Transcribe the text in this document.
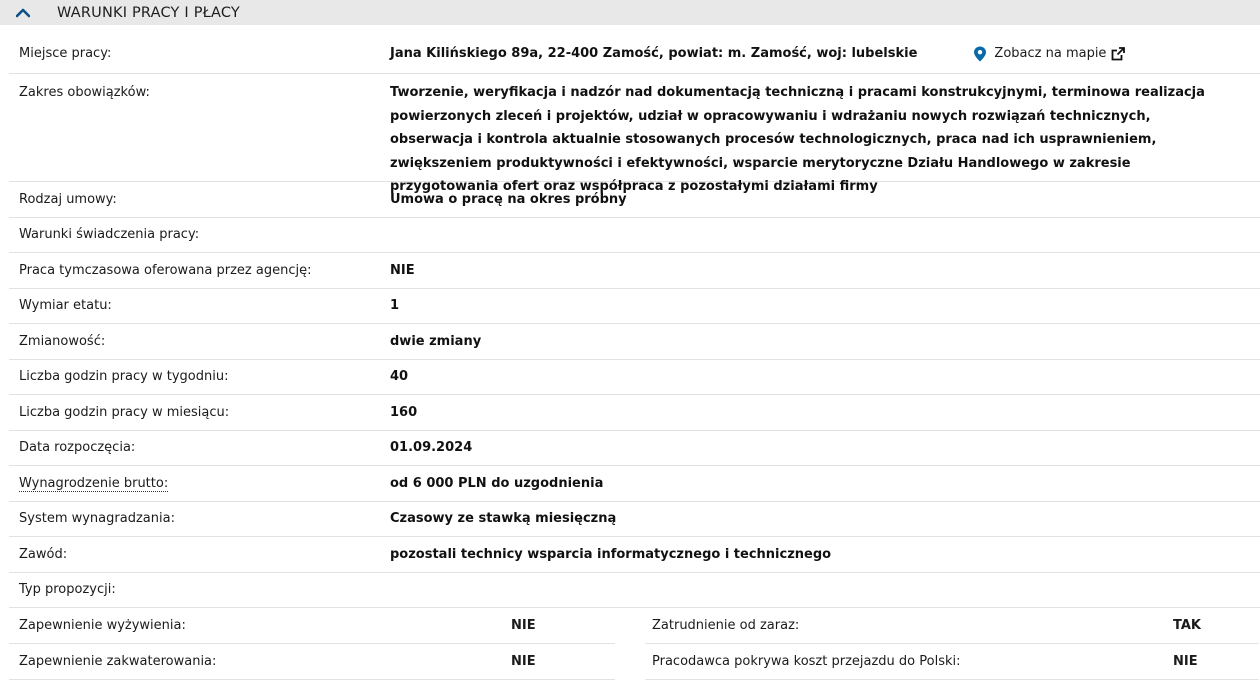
WARUNKI PRACY I PŁACY
Miejsce pracy:	Jana Kilińskiego 89a, 22-400 Zamość, powiat: m. Zamość, woj: lubelskie	Zobacz na mapie
Zakres obowiązków:	Tworzenie, weryfikacja i nadzór nad dokumentacją techniczną i pracami konstrukcyjnymi, terminowa realizacja powierzonych zleceń i projektów, udział w opracowywaniu i wdrażaniu nowych rozwiązań technicznych, obserwacja i kontrola aktualnie stosowanych procesów technologicznych, praca nad ich usprawnieniem, zwiększeniem produktywności i efektywności, wsparcie merytoryczne Działu Handlowego w zakresie przygotowania ofert oraz współpraca z pozostałymi działami firmy
Rodzaj umowy:	Umowa o pracę na okres próbny
Warunki świadczenia pracy:
Praca tymczasowa oferowana przez agencję:	NIE
Wymiar etatu:	1
Zmianowość:	dwie zmiany
Liczba godzin pracy w tygodniu:	40
Liczba godzin pracy w miesiącu:	160
Data rozpoczęcia:	01.09.2024
Wynagrodzenie brutto:	od 6 000 PLN do uzgodnienia
System wynagradzania:	Czasowy ze stawką miesięczną
Zawód:	pozostali technicy wsparcia informatycznego i technicznego
Typ propozycji:
Zapewnienie wyżywienia:	NIE	Zatrudnienie od zaraz:	TAK
Zapewnienie zakwaterowania:	NIE	Pracodawca pokrywa koszt przejazdu do Polski:	NIE
